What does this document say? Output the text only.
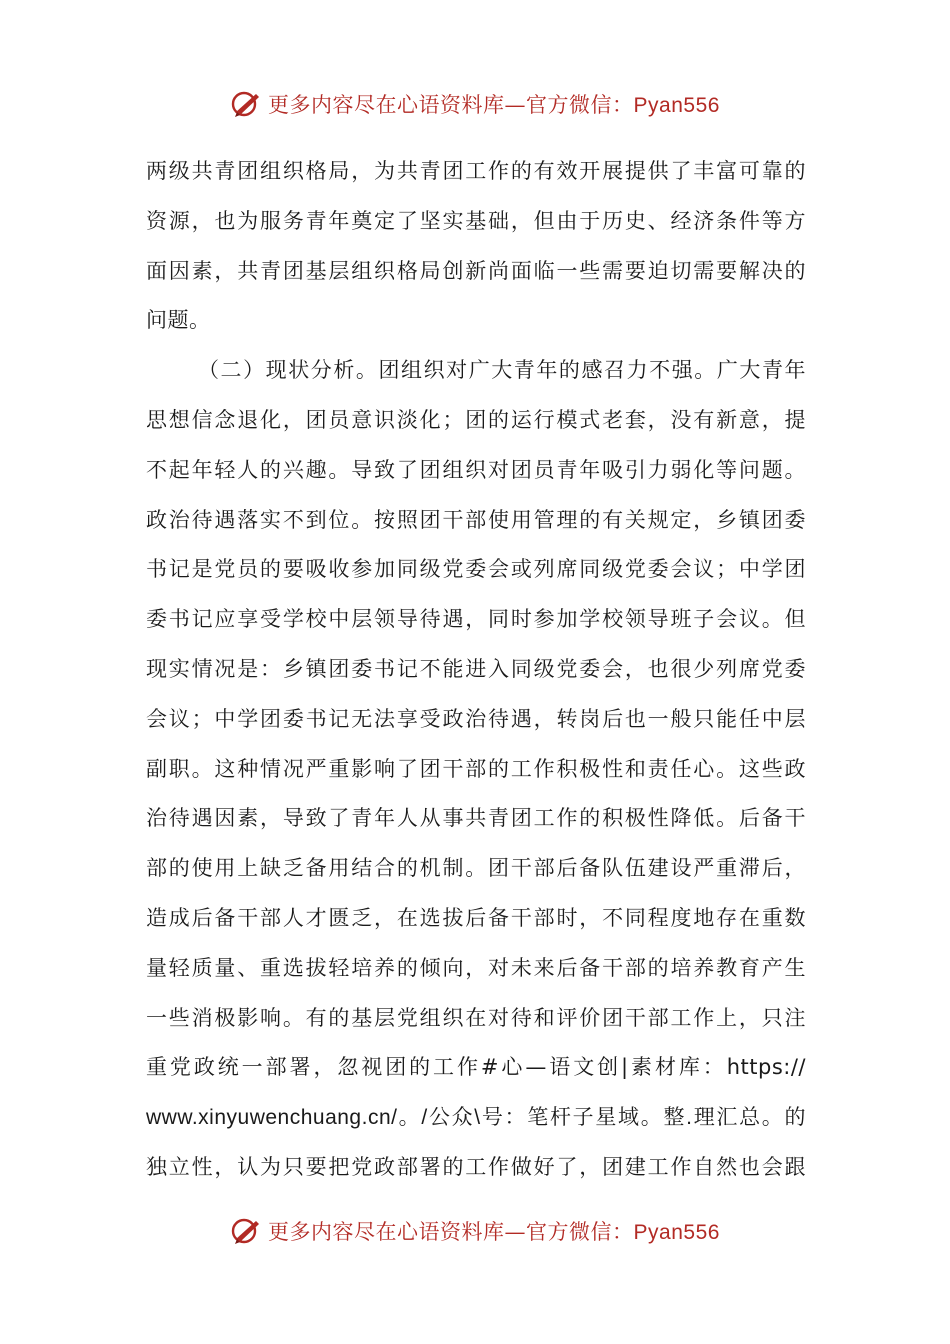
更多内容尽在心语资料库—官方微信：Pyan556
两级共青团组织格局，为共青团工作的有效开展提供了丰富可靠的
资源，也为服务青年奠定了坚实基础，但由于历史、经济条件等方
面因素，共青团基层组织格局创新尚面临一些需要迫切需要解决的
问题。
（二）现状分析。团组织对广大青年的感召力不强。广大青年
思想信念退化，团员意识淡化；团的运行模式老套，没有新意，提
不起年轻人的兴趣。导致了团组织对团员青年吸引力弱化等问题。
政治待遇落实不到位。按照团干部使用管理的有关规定，乡镇团委
书记是党员的要吸收参加同级党委会或列席同级党委会议；中学团
委书记应享受学校中层领导待遇，同时参加学校领导班子会议。但
现实情况是：乡镇团委书记不能进入同级党委会，也很少列席党委
会议；中学团委书记无法享受政治待遇，转岗后也一般只能任中层
副职。这种情况严重影响了团干部的工作积极性和责任心。这些政
治待遇因素，导致了青年人从事共青团工作的积极性降低。后备干
部的使用上缺乏备用结合的机制。团干部后备队伍建设严重滞后，
造成后备干部人才匮乏，在选拔后备干部时，不同程度地存在重数
量轻质量、重选拔轻培养的倾向，对未来后备干部的培养教育产生
一些消极影响。有的基层党组织在对待和评价团干部工作上，只注
重党政统一部署，忽视团的工作#心—语文创|素材库：https://
www.xinyuwenchuang.cn/。/公众\号：笔杆子星域。整.理汇总。的
独立性，认为只要把党政部署的工作做好了，团建工作自然也会跟
更多内容尽在心语资料库—官方微信：Pyan556
